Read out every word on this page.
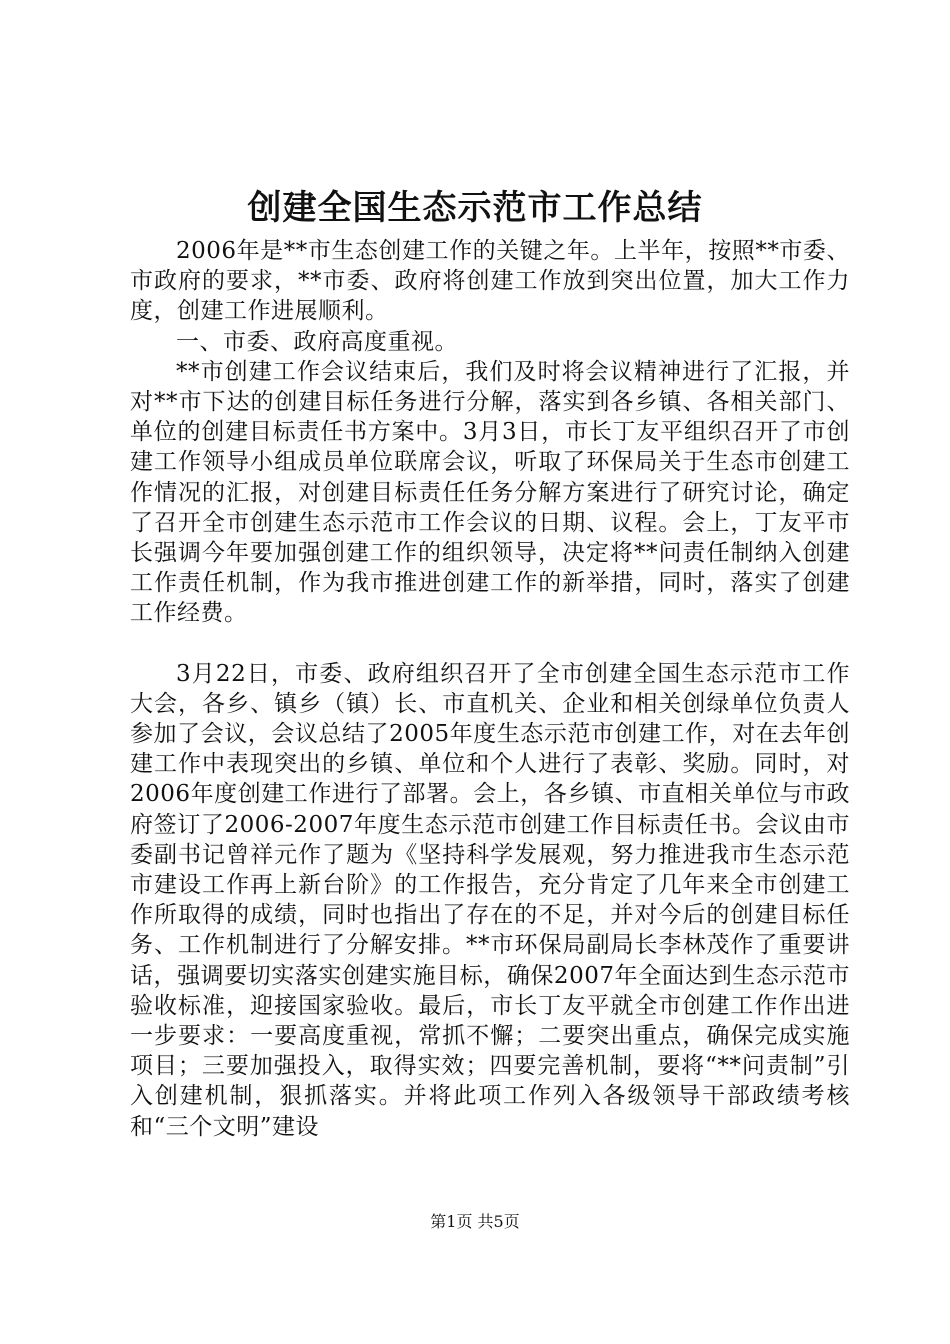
创建全国生态示范市工作总结

2006年是**市生态创建工作的关键之年。上半年，按照**市委、市政府的要求，**市委、政府将创建工作放到突出位置，加大工作力度，创建工作进展顺利。

一、市委、政府高度重视。

**市创建工作会议结束后，我们及时将会议精神进行了汇报，并对**市下达的创建目标任务进行分解，落实到各乡镇、各相关部门、单位的创建目标责任书方案中。3月3日，市长丁友平组织召开了市创建工作领导小组成员单位联席会议，听取了环保局关于生态市创建工作情况的汇报，对创建目标责任任务分解方案进行了研究讨论，确定了召开全市创建生态示范市工作会议的日期、议程。会上，丁友平市长强调今年要加强创建工作的组织领导，决定将**问责任制纳入创建工作责任机制，作为我市推进创建工作的新举措，同时，落实了创建工作经费。

3月22日，市委、政府组织召开了全市创建全国生态示范市工作大会，各乡、镇乡（镇）长、市直机关、企业和相关创绿单位负责人参加了会议，会议总结了2005年度生态示范市创建工作，对在去年创建工作中表现突出的乡镇、单位和个人进行了表彰、奖励。同时，对2006年度创建工作进行了部署。会上，各乡镇、市直相关单位与市政府签订了2006-2007年度生态示范市创建工作目标责任书。会议由市委副书记曾祥元作了题为《坚持科学发展观，努力推进我市生态示范市建设工作再上新台阶》的工作报告，充分肯定了几年来全市创建工作所取得的成绩，同时也指出了存在的不足，并对今后的创建目标任务、工作机制进行了分解安排。**市环保局副局长李林茂作了重要讲话，强调要切实落实创建实施目标，确保2007年全面达到生态示范市验收标准，迎接国家验收。最后，市长丁友平就全市创建工作作出进一步要求：一要高度重视，常抓不懈；二要突出重点，确保完成实施项目；三要加强投入，取得实效；四要完善机制，要将“**问责制”引入创建机制，狠抓落实。并将此项工作列入各级领导干部政绩考核和“三个文明”建设

第1页 共5页
